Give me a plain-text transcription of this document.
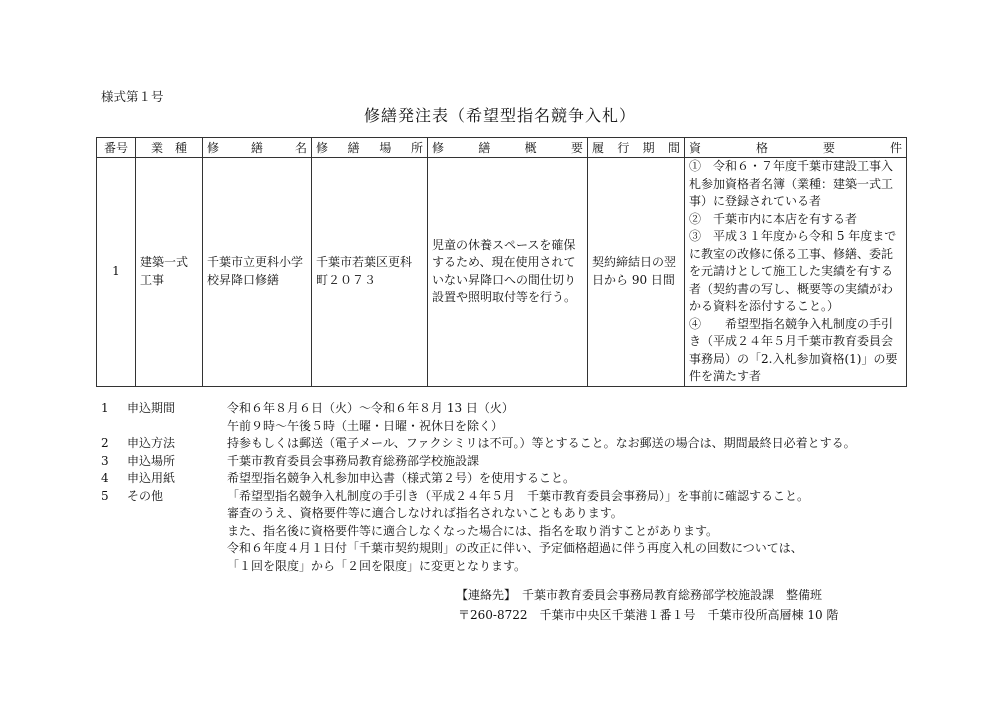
様式第１号
修繕発注表（希望型指名競争入札）
番号	業　種	修　　繕　　名	修　繕　場　所	修　　繕　　概　　要	履行期間	資　　格　　要　　件
1	建築一式工事	千葉市立更科小学校昇降口修繕	千葉市若葉区更科町２０７３	児童の休養スペースを確保するため、現在使用されていない昇降口への間仕切り設置や照明取付等を行う。	契約締結日の翌日から 90 日間	①　令和６・７年度千葉市建設工事入札参加資格者名簿（業種：建築一式工事）に登録されている者
②　千葉市内に本店を有する者
③　平成３１年度から令和 5 年度までに教室の改修に係る工事、修繕、委託を元請けとして施工した実績を有する者（契約書の写し、概要等の実績がわかる資料を添付すること。）
④　　希望型指名競争入札制度の手引き（平成２４年５月千葉市教育委員会事務局）の「2.入札参加資格(1)」の要件を満たす者
1	申込期間	令和６年８月６日（火）～令和６年８月 13 日（火）
午前９時～午後５時（土曜・日曜・祝休日を除く）
2	申込方法	持参もしくは郵送（電子メール、ファクシミリは不可。）等とすること。なお郵送の場合は、期間最終日必着とする。
3	申込場所	千葉市教育委員会事務局教育総務部学校施設課
4	申込用紙	希望型指名競争入札参加申込書（様式第２号）を使用すること。
5	その他	「希望型指名競争入札制度の手引き（平成２４年５月　千葉市教育委員会事務局）」を事前に確認すること。
審査のうえ、資格要件等に適合しなければ指名されないこともあります。
また、指名後に資格要件等に適合しなくなった場合には、指名を取り消すことがあります。
令和６年度４月１日付「千葉市契約規則」の改正に伴い、予定価格超過に伴う再度入札の回数については、
「１回を限度」から「２回を限度」に変更となります。
【連絡先】　千葉市教育委員会事務局教育総務部学校施設課　整備班
〒260-8722　千葉市中央区千葉港１番１号　千葉市役所高層棟 10 階
